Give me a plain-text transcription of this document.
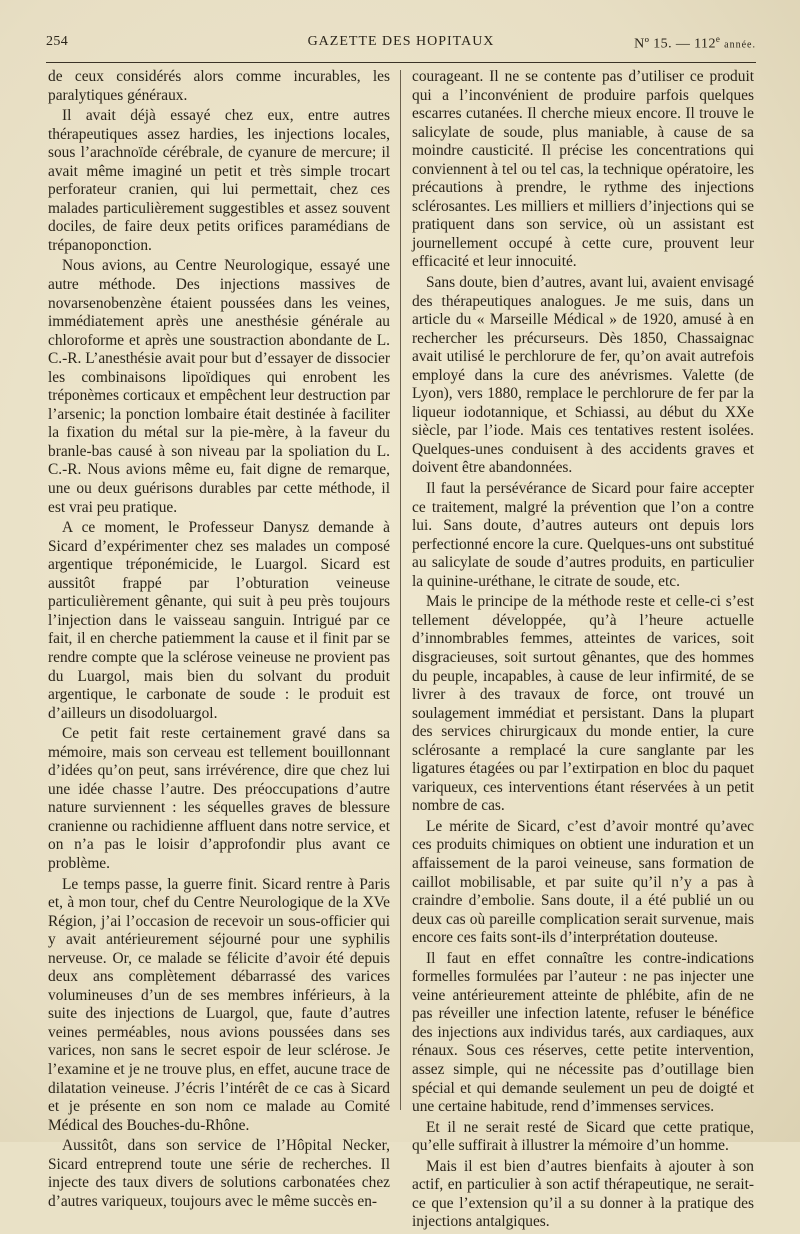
254	GAZETTE DES HOPITAUX	Nº 15. — 112e année.

de ceux considérés alors comme incurables, les paralytiques généraux.

Il avait déjà essayé chez eux, entre autres thérapeutiques assez hardies, les injections locales, sous l’arachnoïde cérébrale, de cyanure de mercure; il avait même imaginé un petit et très simple trocart perforateur cranien, qui lui permettait, chez ces malades particulièrement suggestibles et assez souvent dociles, de faire deux petits orifices paramédians de trépanoponction.

Nous avions, au Centre Neurologique, essayé une autre méthode. Des injections massives de novarsenobenzène étaient poussées dans les veines, immédiatement après une anesthésie générale au chloroforme et après une soustraction abondante de L. C.-R. L’anesthésie avait pour but d’essayer de dissocier les combinaisons lipoïdiques qui enrobent les tréponèmes corticaux et empêchent leur destruction par l’arsenic; la ponction lombaire était destinée à faciliter la fixation du métal sur la pie-mère, à la faveur du branle-bas causé à son niveau par la spoliation du L. C.-R. Nous avions même eu, fait digne de remarque, une ou deux guérisons durables par cette méthode, il est vrai peu pratique.

A ce moment, le Professeur Danysz demande à Sicard d’expérimenter chez ses malades un composé argentique tréponémicide, le Luargol. Sicard est aussitôt frappé par l’obturation veineuse particulièrement gênante, qui suit à peu près toujours l’injection dans le vaisseau sanguin. Intrigué par ce fait, il en cherche patiemment la cause et il finit par se rendre compte que la sclérose veineuse ne provient pas du Luargol, mais bien du solvant du produit argentique, le carbonate de soude : le produit est d’ailleurs un disodoluargol.

Ce petit fait reste certainement gravé dans sa mémoire, mais son cerveau est tellement bouillonnant d’idées qu’on peut, sans irrévérence, dire que chez lui une idée chasse l’autre. Des préoccupations d’autre nature surviennent : les séquelles graves de blessure cranienne ou rachidienne affluent dans notre service, et on n’a pas le loisir d’approfondir plus avant ce problème.

Le temps passe, la guerre finit. Sicard rentre à Paris et, à mon tour, chef du Centre Neurologique de la XVe Région, j’ai l’occasion de recevoir un sous-officier qui y avait antérieurement séjourné pour une syphilis nerveuse. Or, ce malade se félicite d’avoir été depuis deux ans complètement débarrassé des varices volumineuses d’un de ses membres inférieurs, à la suite des injections de Luargol, que, faute d’autres veines perméables, nous avions poussées dans ses varices, non sans le secret espoir de leur sclérose. Je l’examine et je ne trouve plus, en effet, aucune trace de dilatation veineuse. J’écris l’intérêt de ce cas à Sicard et je présente en son nom ce malade au Comité Médical des Bouches-du-Rhône.

Aussitôt, dans son service de l’Hôpital Necker, Sicard entreprend toute une série de recherches. Il injecte des taux divers de solutions carbonatées chez d’autres variqueux, toujours avec le même succès en-

courageant. Il ne se contente pas d’utiliser ce produit qui a l’inconvénient de produire parfois quelques escarres cutanées. Il cherche mieux encore. Il trouve le salicylate de soude, plus maniable, à cause de sa moindre causticité. Il précise les concentrations qui conviennent à tel ou tel cas, la technique opératoire, les précautions à prendre, le rythme des injections sclérosantes. Les milliers et milliers d’injections qui se pratiquent dans son service, où un assistant est journellement occupé à cette cure, prouvent leur efficacité et leur innocuité.

Sans doute, bien d’autres, avant lui, avaient envisagé des thérapeutiques analogues. Je me suis, dans un article du « Marseille Médical » de 1920, amusé à en rechercher les précurseurs. Dès 1850, Chassaignac avait utilisé le perchlorure de fer, qu’on avait autrefois employé dans la cure des anévrismes. Valette (de Lyon), vers 1880, remplace le perchlorure de fer par la liqueur iodotannique, et Schiassi, au début du XXe siècle, par l’iode. Mais ces tentatives restent isolées. Quelques-unes conduisent à des accidents graves et doivent être abandonnées.

Il faut la persévérance de Sicard pour faire accepter ce traitement, malgré la prévention que l’on a contre lui. Sans doute, d’autres auteurs ont depuis lors perfectionné encore la cure. Quelques-uns ont substitué au salicylate de soude d’autres produits, en particulier la quinine-uréthane, le citrate de soude, etc.

Mais le principe de la méthode reste et celle-ci s’est tellement développée, qu’à l’heure actuelle d’innombrables femmes, atteintes de varices, soit disgracieuses, soit surtout gênantes, que des hommes du peuple, incapables, à cause de leur infirmité, de se livrer à des travaux de force, ont trouvé un soulagement immédiat et persistant. Dans la plupart des services chirurgicaux du monde entier, la cure sclérosante a remplacé la cure sanglante par les ligatures étagées ou par l’extirpation en bloc du paquet variqueux, ces interventions étant réservées à un petit nombre de cas.

Le mérite de Sicard, c’est d’avoir montré qu’avec ces produits chimiques on obtient une induration et un affaissement de la paroi veineuse, sans formation de caillot mobilisable, et par suite qu’il n’y a pas à craindre d’embolie. Sans doute, il a été publié un ou deux cas où pareille complication serait survenue, mais encore ces faits sont-ils d’interprétation douteuse.

Il faut en effet connaître les contre-indications formelles formulées par l’auteur : ne pas injecter une veine antérieurement atteinte de phlébite, afin de ne pas réveiller une infection latente, refuser le bénéfice des injections aux individus tarés, aux cardiaques, aux rénaux. Sous ces réserves, cette petite intervention, assez simple, qui ne nécessite pas d’outillage bien spécial et qui demande seulement un peu de doigté et une certaine habitude, rend d’immenses services.

Et il ne serait resté de Sicard que cette pratique, qu’elle suffirait à illustrer la mémoire d’un homme.

Mais il est bien d’autres bienfaits à ajouter à son actif, en particulier à son actif thérapeutique, ne serait-ce que l’extension qu’il a su donner à la pratique des injections antalgiques.
